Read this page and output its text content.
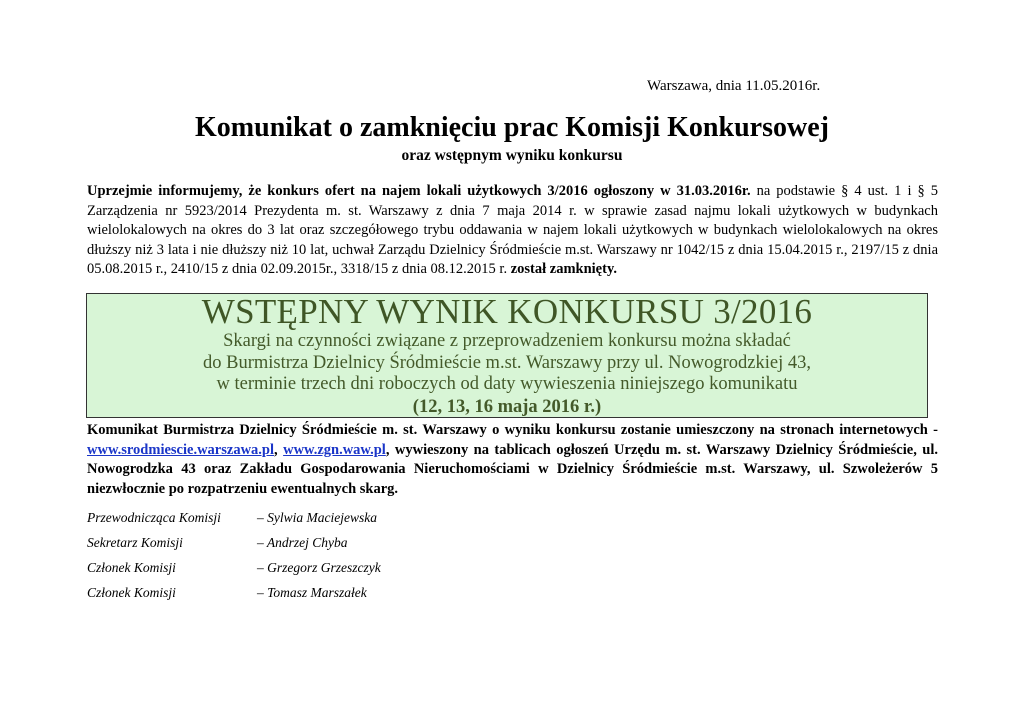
Warszawa, dnia 11.05.2016r.
Komunikat o zamknięciu prac Komisji Konkursowej
oraz wstępnym wyniku konkursu
Uprzejmie informujemy, że konkurs ofert na najem lokali użytkowych 3/2016 ogłoszony w 31.03.2016r. na podstawie § 4 ust. 1 i § 5 Zarządzenia nr 5923/2014 Prezydenta m. st. Warszawy z dnia 7 maja 2014 r. w sprawie zasad najmu lokali użytkowych w budynkach wielolokalowych na okres do 3 lat oraz szczegółowego trybu oddawania w najem lokali użytkowych w budynkach wielolokalowych na okres dłuższy niż 3 lata i nie dłuższy niż 10 lat, uchwał Zarządu Dzielnicy Śródmieście m.st. Warszawy nr 1042/15 z dnia 15.04.2015 r., 2197/15 z dnia 05.08.2015 r., 2410/15 z dnia 02.09.2015r., 3318/15 z dnia 08.12.2015 r. został zamknięty.
WSTĘPNY WYNIK KONKURSU 3/2016
Skargi na czynności związane z przeprowadzeniem konkursu można składać
do Burmistrza Dzielnicy Śródmieście m.st. Warszawy przy ul. Nowogrodzkiej 43,
w terminie trzech dni roboczych od daty wywieszenia niniejszego komunikatu
(12, 13, 16 maja 2016 r.)
Komunikat Burmistrza Dzielnicy Śródmieście m. st. Warszawy o wyniku konkursu zostanie umieszczony na stronach internetowych - www.srodmiescie.warszawa.pl, www.zgn.waw.pl, wywieszony na tablicach ogłoszeń Urzędu m. st. Warszawy Dzielnicy Śródmieście, ul. Nowogrodzka 43 oraz Zakładu Gospodarowania Nieruchomościami w Dzielnicy Śródmieście m.st. Warszawy, ul. Szwoleżerów 5 niezwłocznie po rozpatrzeniu ewentualnych skarg.
Przewodnicząca Komisji	– Sylwia Maciejewska
Sekretarz Komisji	– Andrzej Chyba
Członek Komisji	– Grzegorz Grzeszczyk
Członek Komisji	– Tomasz Marszałek
